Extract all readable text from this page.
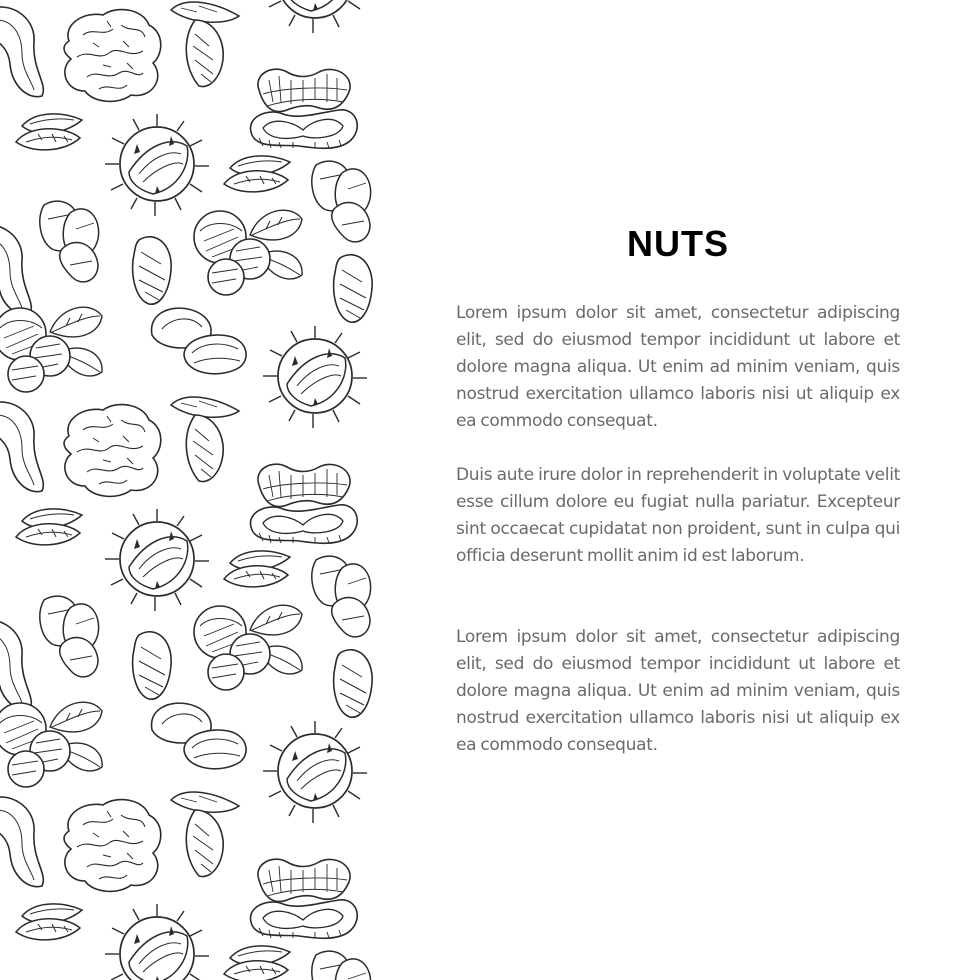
NUTS

Lorem ipsum dolor sit amet, consectetur adipiscing elit, sed do eiusmod tempor incididunt ut labore et dolore magna aliqua. Ut enim ad minim veniam, quis nostrud exercitation ullamco laboris nisi ut aliquip ex ea commodo consequat.

Duis aute irure dolor in reprehenderit in voluptate velit esse cillum dolore eu fugiat nulla pariatur. Excepteur sint occaecat cupidatat non proident, sunt in culpa qui officia deserunt mollit anim id est laborum.

Lorem ipsum dolor sit amet, consectetur adipiscing elit, sed do eiusmod tempor incididunt ut labore et dolore magna aliqua. Ut enim ad minim veniam, quis nostrud exercitation ullamco laboris nisi ut aliquip ex ea commodo consequat.
